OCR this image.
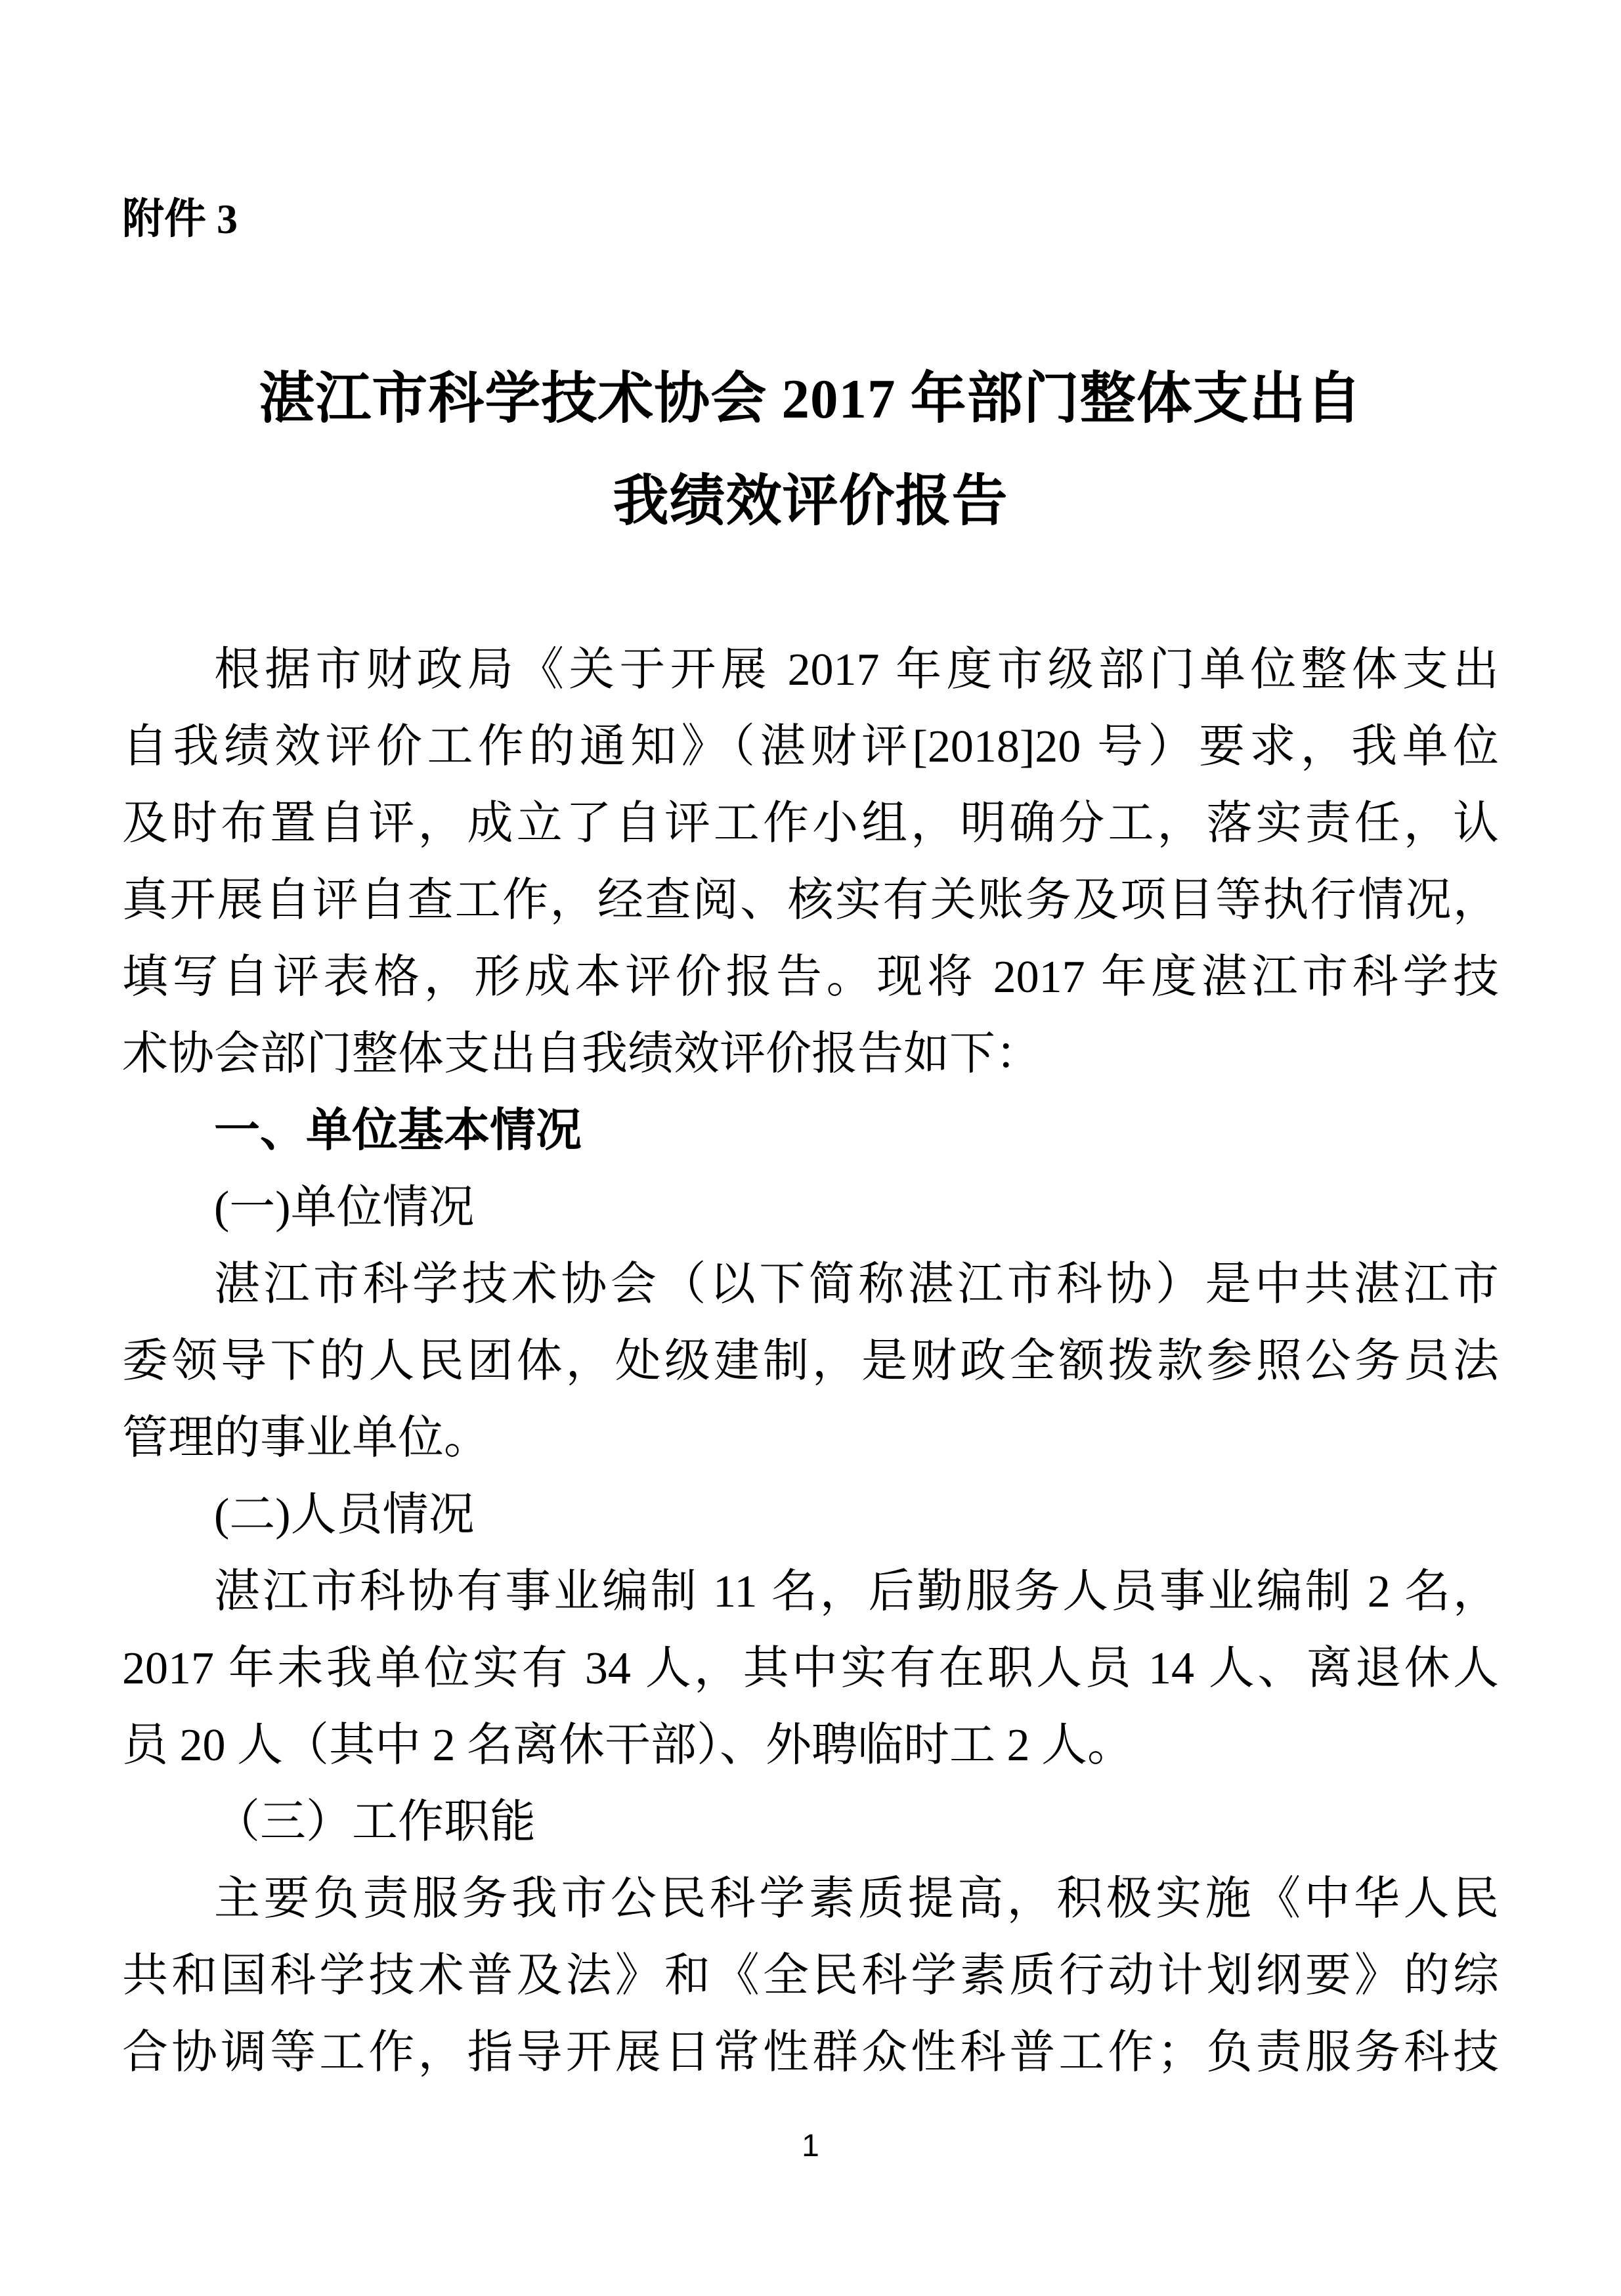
附件 3
湛江市科学技术协会 2017 年部门整体支出自
我绩效评价报告
根据市财政局《关于开展 2017 年度市级部门单位整体支出
自我绩效评价工作的通知》（湛财评[2018]20 号）要求，我单位
及时布置自评，成立了自评工作小组，明确分工，落实责任，认
真开展自评自查工作，经查阅、核实有关账务及项目等执行情况，
填写自评表格，形成本评价报告。现将 2017 年度湛江市科学技
术协会部门整体支出自我绩效评价报告如下：
一、单位基本情况
(一)单位情况
湛江市科学技术协会（以下简称湛江市科协）是中共湛江市
委领导下的人民团体，处级建制，是财政全额拨款参照公务员法
管理的事业单位。
(二)人员情况
湛江市科协有事业编制 11 名，后勤服务人员事业编制 2 名，
2017 年未我单位实有 34 人，其中实有在职人员 14 人、离退休人
员 20 人（其中 2 名离休干部）、外聘临时工 2 人。
（三）工作职能
主要负责服务我市公民科学素质提高，积极实施《中华人民
共和国科学技术普及法》和《全民科学素质行动计划纲要》的综
合协调等工作，指导开展日常性群众性科普工作；负责服务科技
1
